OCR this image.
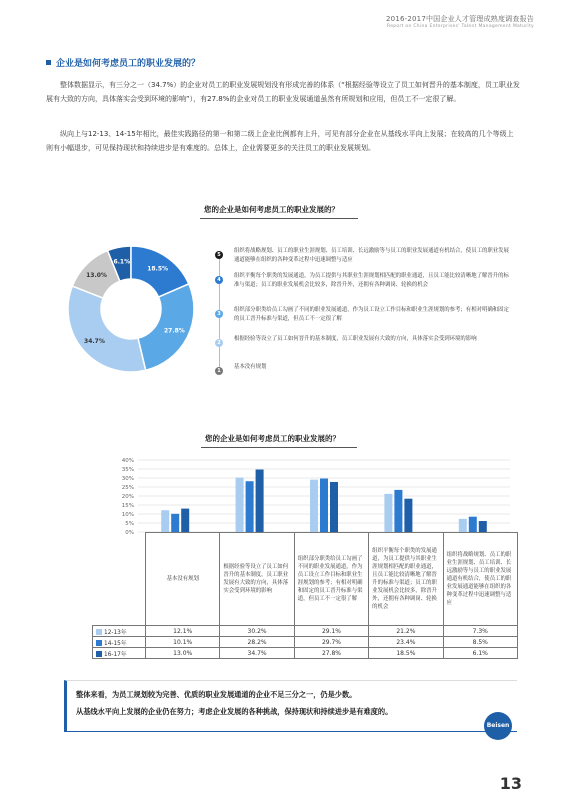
2016-2017中国企业人才管理成熟度调查报告
Report on China Enterprises' Talent Management Maturity
企业是如何考虑员工的职业发展的？
整体数据显示，有三分之一（34.7%）的企业对员工的职业发展规划没有形成完善的体系（“根据经验等设立了员工如何晋升的基本制度，员工职业发展有大致的方向，具体落实会受到环境的影响”），有27.8%的企业对员工的职业发展通道虽然有所规划和应用，但员工不一定很了解。
纵向上与12-13、14-15年相比，最佳实践路径的第一和第二级上企业比例都有上升，可见有部分企业在从基线水平向上发展；在较高的几个等级上则有小幅退步，可见保持现状和持续进步是有难度的。总体上，企业需要更多的关注员工的职业发展规划。
您的企业是如何考虑员工的职业发展的？
6.1%
18.5%
27.8%
34.7%
13.0%
5
组织将战略规划、员工的职业生涯规划、员工培训、长远激励等与员工的职业发展通道有机结合，使员工的职业发展通道能够在组织的各种变革过程中迅速调整与适应
4
组织平衡每个职类的发展通道，为员工提供与其职业生涯规划相匹配的职业通道，且员工能比较清晰地了解晋升的标准与渠道；员工的职业发展机会比较多，除晋升外，还拥有各种调岗、轮换的机会
3
组织部分职类给员工勾画了不同的职业发展通道，作为员工设立工作目标和职业生涯规划的参考；有相对明确和固定的员工晋升标准与渠道，但员工不一定很了解
2
根据经验等设立了员工如何晋升的基本制度，员工职业发展有大致的方向，具体落实会受到环境的影响
1
基本没有规划
您的企业是如何考虑员工的职业发展的？
0%
5%
10%
15%
20%
25%
30%
35%
40%
	基本没有规划	根据经验等设立了员工如何晋升的基本制度，员工职业发展有大致的方向，具体落实会受到环境的影响	组织部分职类给员工勾画了不同的职业发展通道，作为员工设立工作目标和职业生涯规划的参考；有相对明确和固定的员工晋升标准与渠道，但员工不一定很了解	组织平衡每个职类的发展通道，为员工提供与其职业生涯规划相匹配的职业通道，且员工能比较清晰地了解晋升的标准与渠道；员工的职业发展机会比较多，除晋升外，还拥有各种调岗、轮换的机会	组织将战略规划、员工的职业生涯规划、员工培训、长远激励等与员工的职业发展通道有机结合，使员工的职业发展通道能够在组织的各种变革过程中迅速调整与适应
12-13年	12.1%	30.2%	29.1%	21.2%	7.3%
14-15年	10.1%	28.2%	29.7%	23.4%	8.5%
16-17年	13.0%	34.7%	27.8%	18.5%	6.1%
整体来看，为员工规划较为完善、优质的职业发展通道的企业不足三分之一，仍是少数。
从基线水平向上发展的企业仍在努力；考虑企业发展的各种挑战，保持现状和持续进步是有难度的。
Beisen
13
